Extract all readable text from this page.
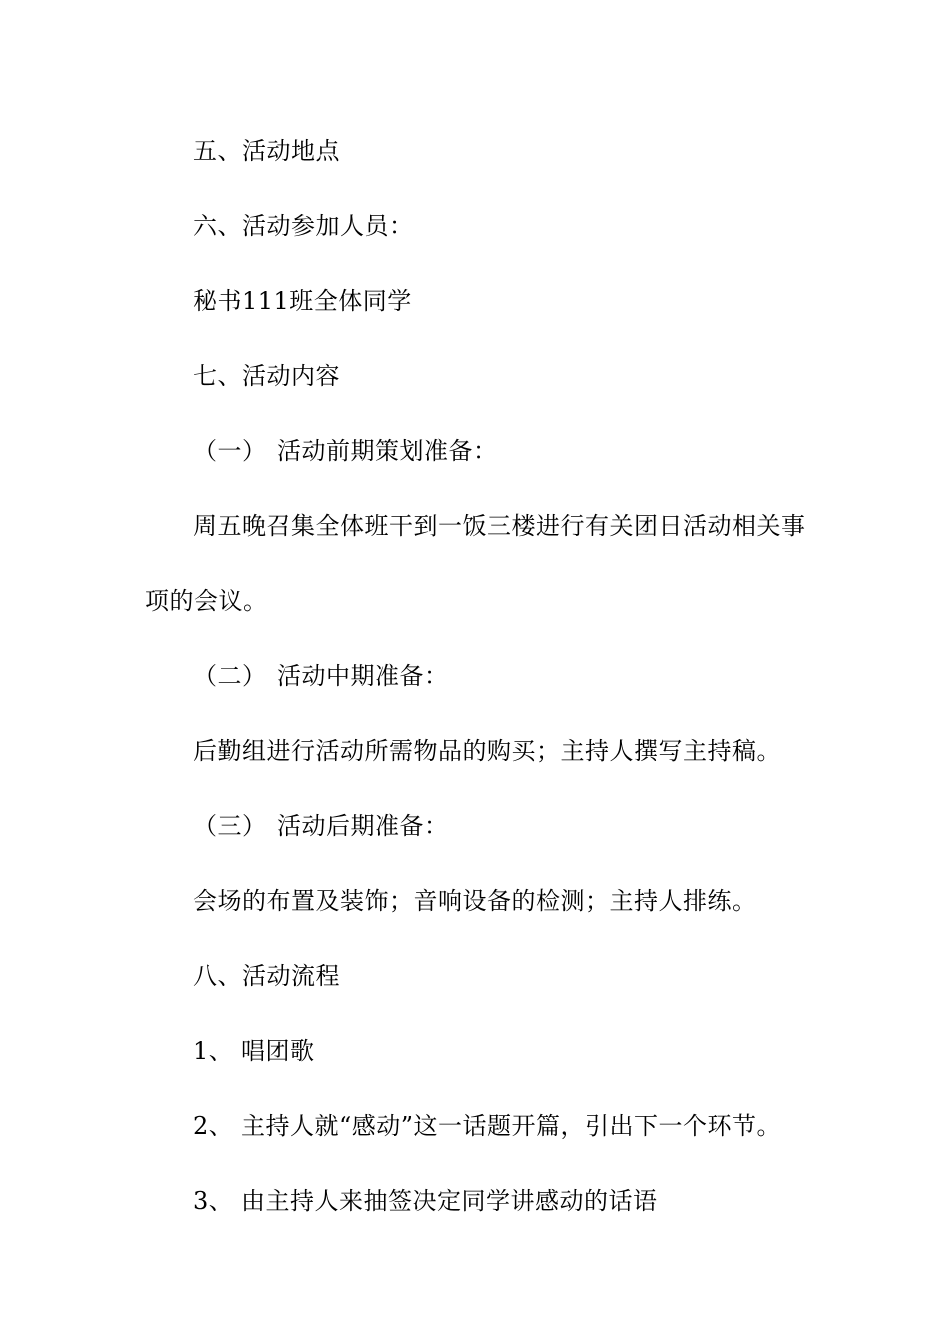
五、活动地点
六、活动参加人员：
秘书111班全体同学
七、活动内容
（一） 活动前期策划准备：
周五晚召集全体班干到一饭三楼进行有关团日活动相关事
项的会议。
（二） 活动中期准备：
后勤组进行活动所需物品的购买；主持人撰写主持稿。
（三） 活动后期准备：
会场的布置及装饰；音响设备的检测；主持人排练。
八、活动流程
1、 唱团歌
2、 主持人就“感动”这一话题开篇，引出下一个环节。
3、 由主持人来抽签决定同学讲感动的话语
